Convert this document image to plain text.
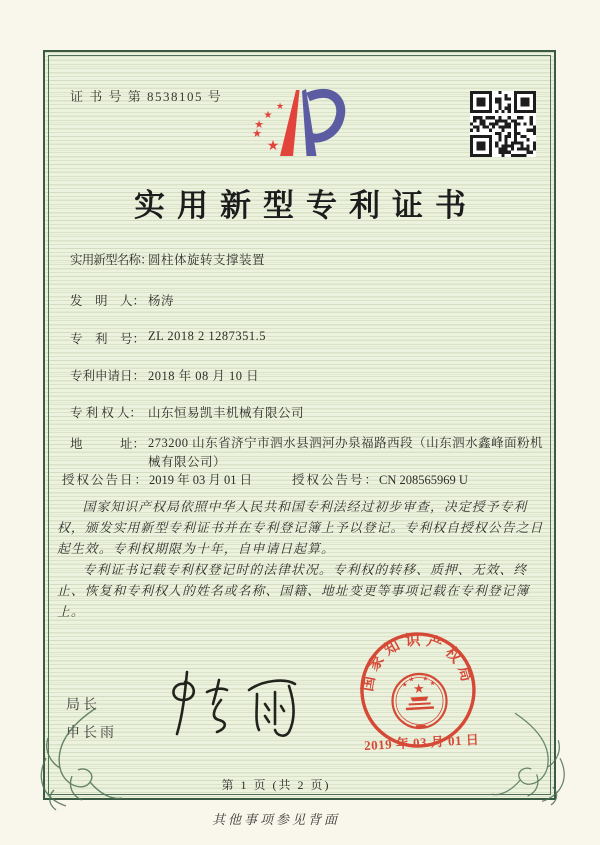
证 书 号 第 8538105 号
★
★
★
★
★
实用新型专利证书
实用新型名称：
圆柱体旋转支撑装置
发　明　人： 杨涛
专　利　号： ZL 2018 2 1287351.5
专利申请日： 2018 年 08 月 10 日
专 利 权 人： 山东恒易凯丰机械有限公司
地　　　址： 273200 山东省济宁市泗水县泗河办泉福路西段（山东泗水鑫峰面粉机械有限公司）
授权公告日：2019 年 03 月 01 日	授权公告号：CN 208565969 U

国家知识产权局依照中华人民共和国专利法经过初步审查，决定授予专利权，颁发实用新型专利证书并在专利登记簿上予以登记。专利权自授权公告之日起生效。专利权期限为十年，自申请日起算。

专利证书记载专利权登记时的法律状况。专利权的转移、质押、无效、终止、恢复和专利权人的姓名或名称、国籍、地址变更等事项记载在专利登记簿上。

局长
申长雨
国家知识产权局
★
★
★ ★
★
2019 年 03 月 01 日
第 1 页 (共 2 页)
其他事项参见背面
